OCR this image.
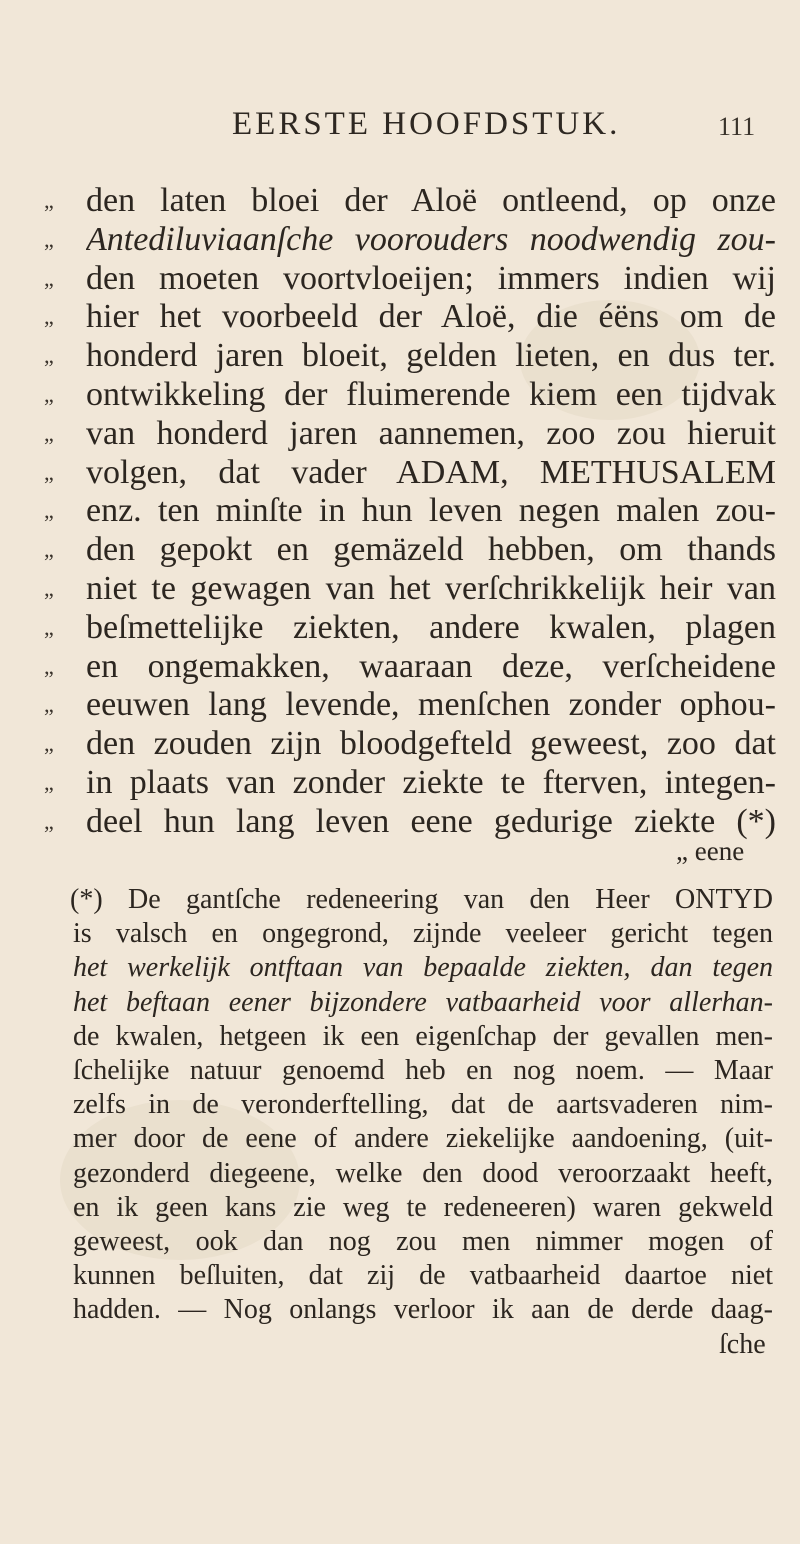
EERSTE HOOFDSTUK.	111
„ den laten bloei der Aloë ontleend, op onze
„ Antediluviaanſche voorouders noodwendig zou-
„ den moeten voortvloeijen; immers indien wij
„ hier het voorbeeld der Aloë, die éëns om de
„ honderd jaren bloeit, gelden lieten, en dus ter.
„ ontwikkeling der fluimerende kiem een tijdvak
„ van honderd jaren aannemen, zoo zou hieruit
„ volgen, dat vader ADAM, METHUSALEM
„ enz. ten minſte in hun leven negen malen zou-
„ den gepokt en gemäzeld hebben, om thands
„ niet te gewagen van het verſchrikkelijk heir van
„ beſmettelijke ziekten, andere kwalen, plagen
„ en ongemakken, waaraan deze, verſcheidene
„ eeuwen lang levende, menſchen zonder ophou-
„ den zouden zijn bloodgefteld geweest, zoo dat
„ in plaats van zonder ziekte te fterven, integen-
„ deel hun lang leven eene gedurige ziekte (*)
„ eene
(*) De gantſche redeneering van den Heer ONTYD
is valsch en ongegrond, zijnde veeleer gericht tegen
het werkelijk ontftaan van bepaalde ziekten, dan tegen
het beftaan eener bijzondere vatbaarheid voor allerhan-
de kwalen, hetgeen ik een eigenſchap der gevallen men-
ſchelijke natuur genoemd heb en nog noem. — Maar
zelfs in de veronderftelling, dat de aartsvaderen nim-
mer door de eene of andere ziekelijke aandoening, (uit-
gezonderd diegeene, welke den dood veroorzaakt heeft,
en ik geen kans zie weg te redeneeren) waren gekweld
geweest, ook dan nog zou men nimmer mogen of
kunnen beſluiten, dat zij de vatbaarheid daartoe niet
hadden. — Nog onlangs verloor ik aan de derde daag-
ſche
